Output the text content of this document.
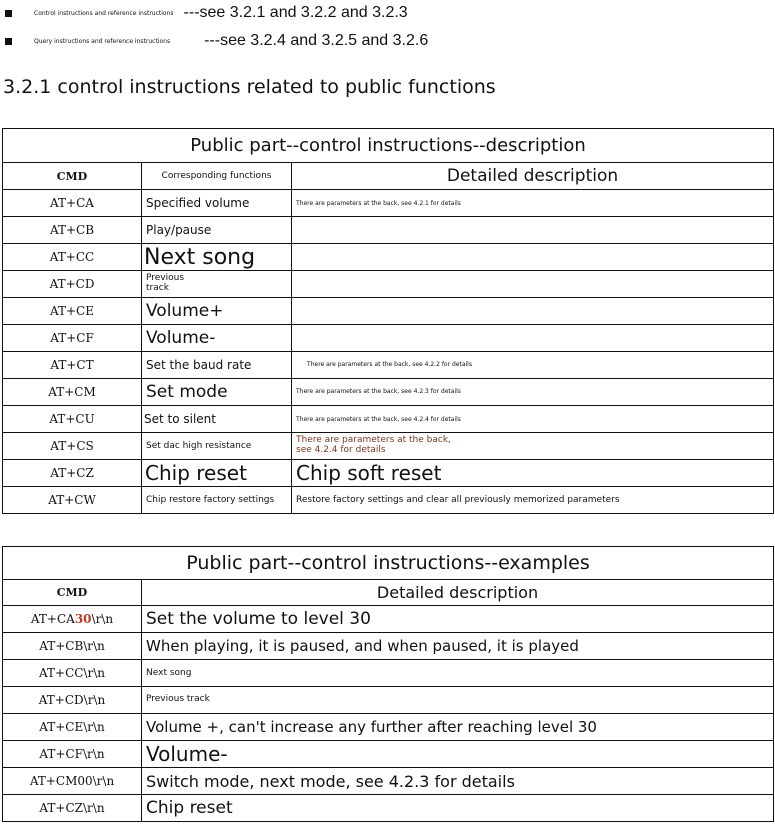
Control instructions and reference instructions ---see 3.2.1 and 3.2.2 and 3.2.3
Query instructions and reference instructions ---see 3.2.4 and 3.2.5 and 3.2.6
3.2.1 control instructions related to public functions
Public part--control instructions--description		
CMD	Corresponding functions	Detailed description
AT+CA	Specified volume	There are parameters at the back, see 4.2.1 for details
AT+CB	Play/pause	
AT+CC	Next song	
AT+CD	Previous track	
AT+CE	Volume+	
AT+CF	Volume-	
AT+CT	Set the baud rate	There are parameters at the back, see 4.2.2 for details
AT+CM	Set mode	There are parameters at the back, see 4.2.3 for details
AT+CU	Set to silent	There are parameters at the back, see 4.2.4 for details
AT+CS	Set dac high resistance	There are parameters at the back, see 4.2.4 for details
AT+CZ	Chip reset	Chip soft reset
AT+CW	Chip restore factory settings	Restore factory settings and clear all previously memorized parameters
Public part--control instructions--examples	
CMD	Detailed description
AT+CA30\r\n	Set the volume to level 30
AT+CB\r\n	When playing, it is paused, and when paused, it is played
AT+CC\r\n	Next song
AT+CD\r\n	Previous track
AT+CE\r\n	Volume +, can't increase any further after reaching level 30
AT+CF\r\n	Volume-
AT+CM00\r\n	Switch mode, next mode, see 4.2.3 for details
AT+CZ\r\n	Chip reset
